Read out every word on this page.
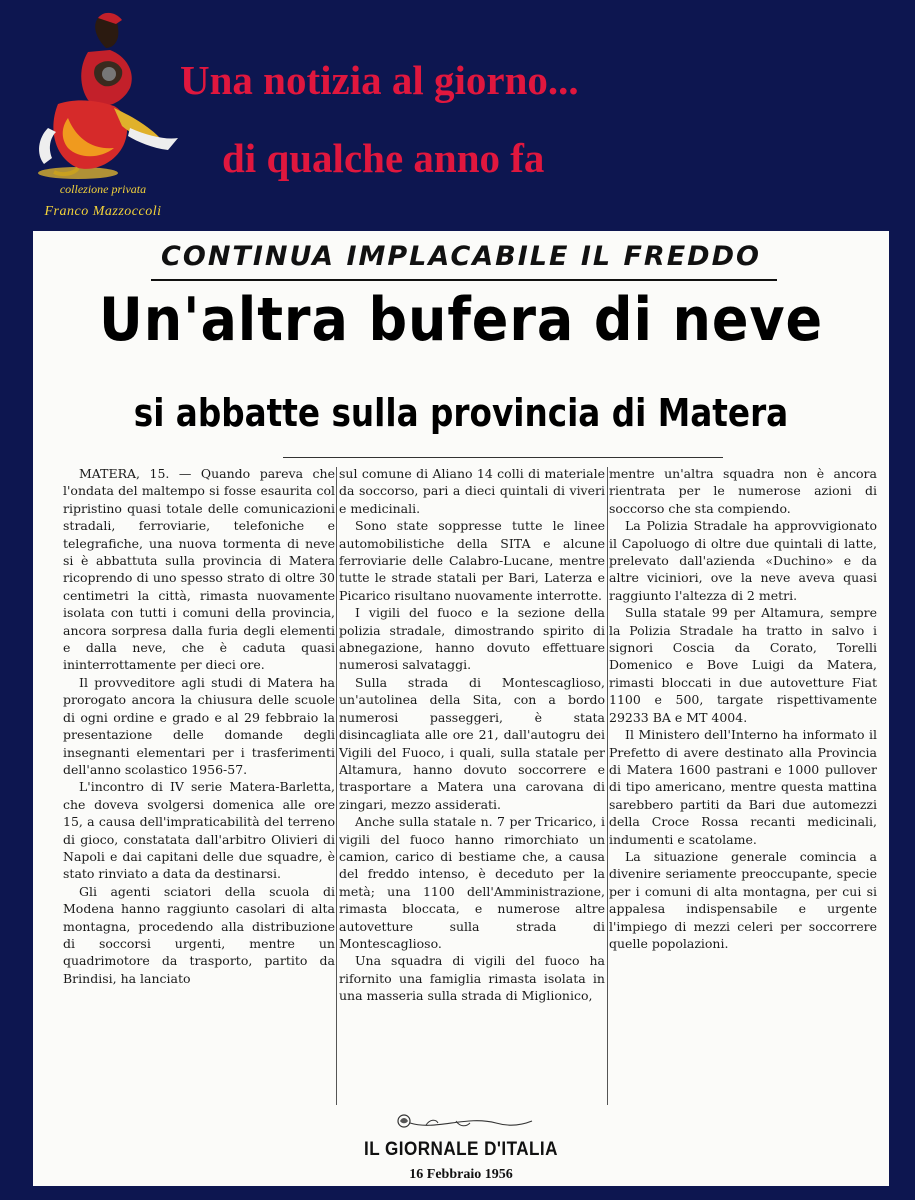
collezione privata
Franco Mazzoccoli
Una notizia al giorno...
di qualche anno fa
CONTINUA IMPLACABILE IL FREDDO
Un'altra bufera di neve
si abbatte sulla provincia di Matera

MATERA, 15. — Quando pareva che l'ondata del maltempo si fosse esaurita col ripristino quasi totale delle comunicazioni stradali, ferroviarie, telefoniche e telegrafiche, una nuova tormenta di neve si è abbattuta sulla provincia di Matera ricoprendo di uno spesso strato di oltre 30 centimetri la città, rimasta nuovamente isolata con tutti i comuni della provincia, ancora sorpresa dalla furia degli elementi e dalla neve, che è caduta quasi ininterrottamente per dieci ore.

Il provveditore agli studi di Matera ha prorogato ancora la chiusura delle scuole di ogni ordine e grado e al 29 febbraio la presentazione delle domande degli insegnanti elementari per i trasferimenti dell'anno scolastico 1956-57.

L'incontro di IV serie Matera-Barletta, che doveva svolgersi domenica alle ore 15, a causa dell'impraticabilità del terreno di gioco, constatata dall'arbitro Olivieri di Napoli e dai capitani delle due squadre, è stato rinviato a data da destinarsi.

Gli agenti sciatori della scuola di Modena hanno raggiunto casolari di alta montagna, procedendo alla distribuzione di soccorsi urgenti, mentre un quadrimotore da trasporto, partito da Brindisi, ha lanciato

sul comune di Aliano 14 colli di materiale da soccorso, pari a dieci quintali di viveri e medicinali.

Sono state soppresse tutte le linee automobilistiche della SITA e alcune ferroviarie delle Calabro-Lucane, mentre tutte le strade statali per Bari, Laterza e Picarico risultano nuovamente interrotte.

I vigili del fuoco e la sezione della polizia stradale, dimostrando spirito di abnegazione, hanno dovuto effettuare numerosi salvataggi.

Sulla strada di Montescaglioso, un'autolinea della Sita, con a bordo numerosi passeggeri, è stata disincagliata alle ore 21, dall'autogru dei Vigili del Fuoco, i quali, sulla statale per Altamura, hanno dovuto soccorrere e trasportare a Matera una carovana di zingari, mezzo assiderati.

Anche sulla statale n. 7 per Tricarico, i vigili del fuoco hanno rimorchiato un camion, carico di bestiame che, a causa del freddo intenso, è deceduto per la metà; una 1100 dell'Amministrazione, rimasta bloccata, e numerose altre autovetture sulla strada di Montescaglioso.

Una squadra di vigili del fuoco ha rifornito una famiglia rimasta isolata in una masseria sulla strada di Miglionico,

mentre un'altra squadra non è ancora rientrata per le numerose azioni di soccorso che sta compiendo.

La Polizia Stradale ha approvvigionato il Capoluogo di oltre due quintali di latte, prelevato dall'azienda «Duchino» e da altre viciniori, ove la neve aveva quasi raggiunto l'altezza di 2 metri.

Sulla statale 99 per Altamura, sempre la Polizia Stradale ha tratto in salvo i signori Coscia da Corato, Torelli Domenico e Bove Luigi da Matera, rimasti bloccati in due autovetture Fiat 1100 e 500, targate rispettivamente 29233 BA e MT 4004.

Il Ministero dell'Interno ha informato il Prefetto di avere destinato alla Provincia di Matera 1600 pastrani e 1000 pullover di tipo americano, mentre questa mattina sarebbero partiti da Bari due automezzi della Croce Rossa recanti medicinali, indumenti e scatolame.

La situazione generale comincia a divenire seriamente preoccupante, specie per i comuni di alta montagna, per cui si appalesa indispensabile e urgente l'impiego di mezzi celeri per soccorrere quelle popolazioni.

IL GIORNALE D'ITALIA
16 Febbraio 1956
